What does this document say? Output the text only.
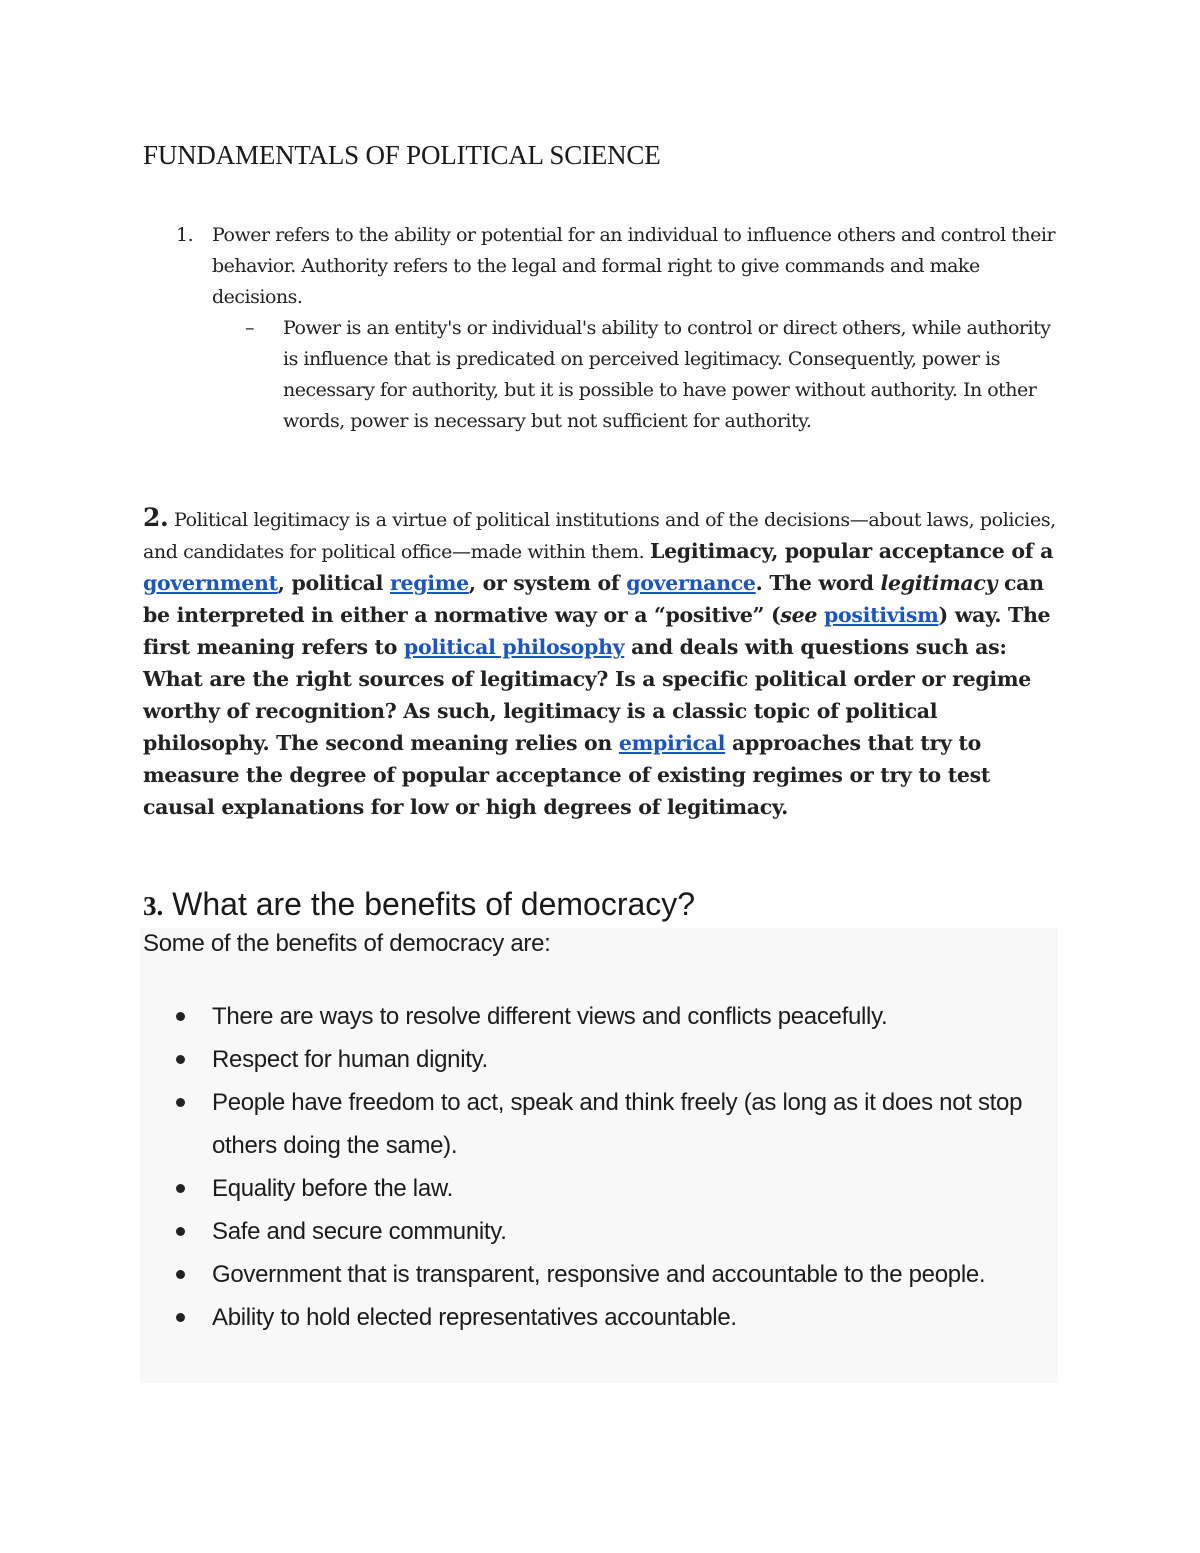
FUNDAMENTALS OF POLITICAL SCIENCE
1. Power refers to the ability or potential for an individual to influence others and control their behavior. Authority refers to the legal and formal right to give commands and make decisions.
– Power is an entity's or individual's ability to control or direct others, while authority is influence that is predicated on perceived legitimacy. Consequently, power is necessary for authority, but it is possible to have power without authority. In other words, power is necessary but not sufficient for authority.
2. Political legitimacy is a virtue of political institutions and of the decisions—about laws, policies, and candidates for political office—made within them. Legitimacy, popular acceptance of a government, political regime, or system of governance. The word legitimacy can be interpreted in either a normative way or a “positive” (see positivism) way. The first meaning refers to political philosophy and deals with questions such as: What are the right sources of legitimacy? Is a specific political order or regime worthy of recognition? As such, legitimacy is a classic topic of political philosophy. The second meaning relies on empirical approaches that try to measure the degree of popular acceptance of existing regimes or try to test causal explanations for low or high degrees of legitimacy.
3. What are the benefits of democracy?
Some of the benefits of democracy are:
There are ways to resolve different views and conflicts peacefully.
Respect for human dignity.
People have freedom to act, speak and think freely (as long as it does not stop others doing the same).
Equality before the law.
Safe and secure community.
Government that is transparent, responsive and accountable to the people.
Ability to hold elected representatives accountable.
